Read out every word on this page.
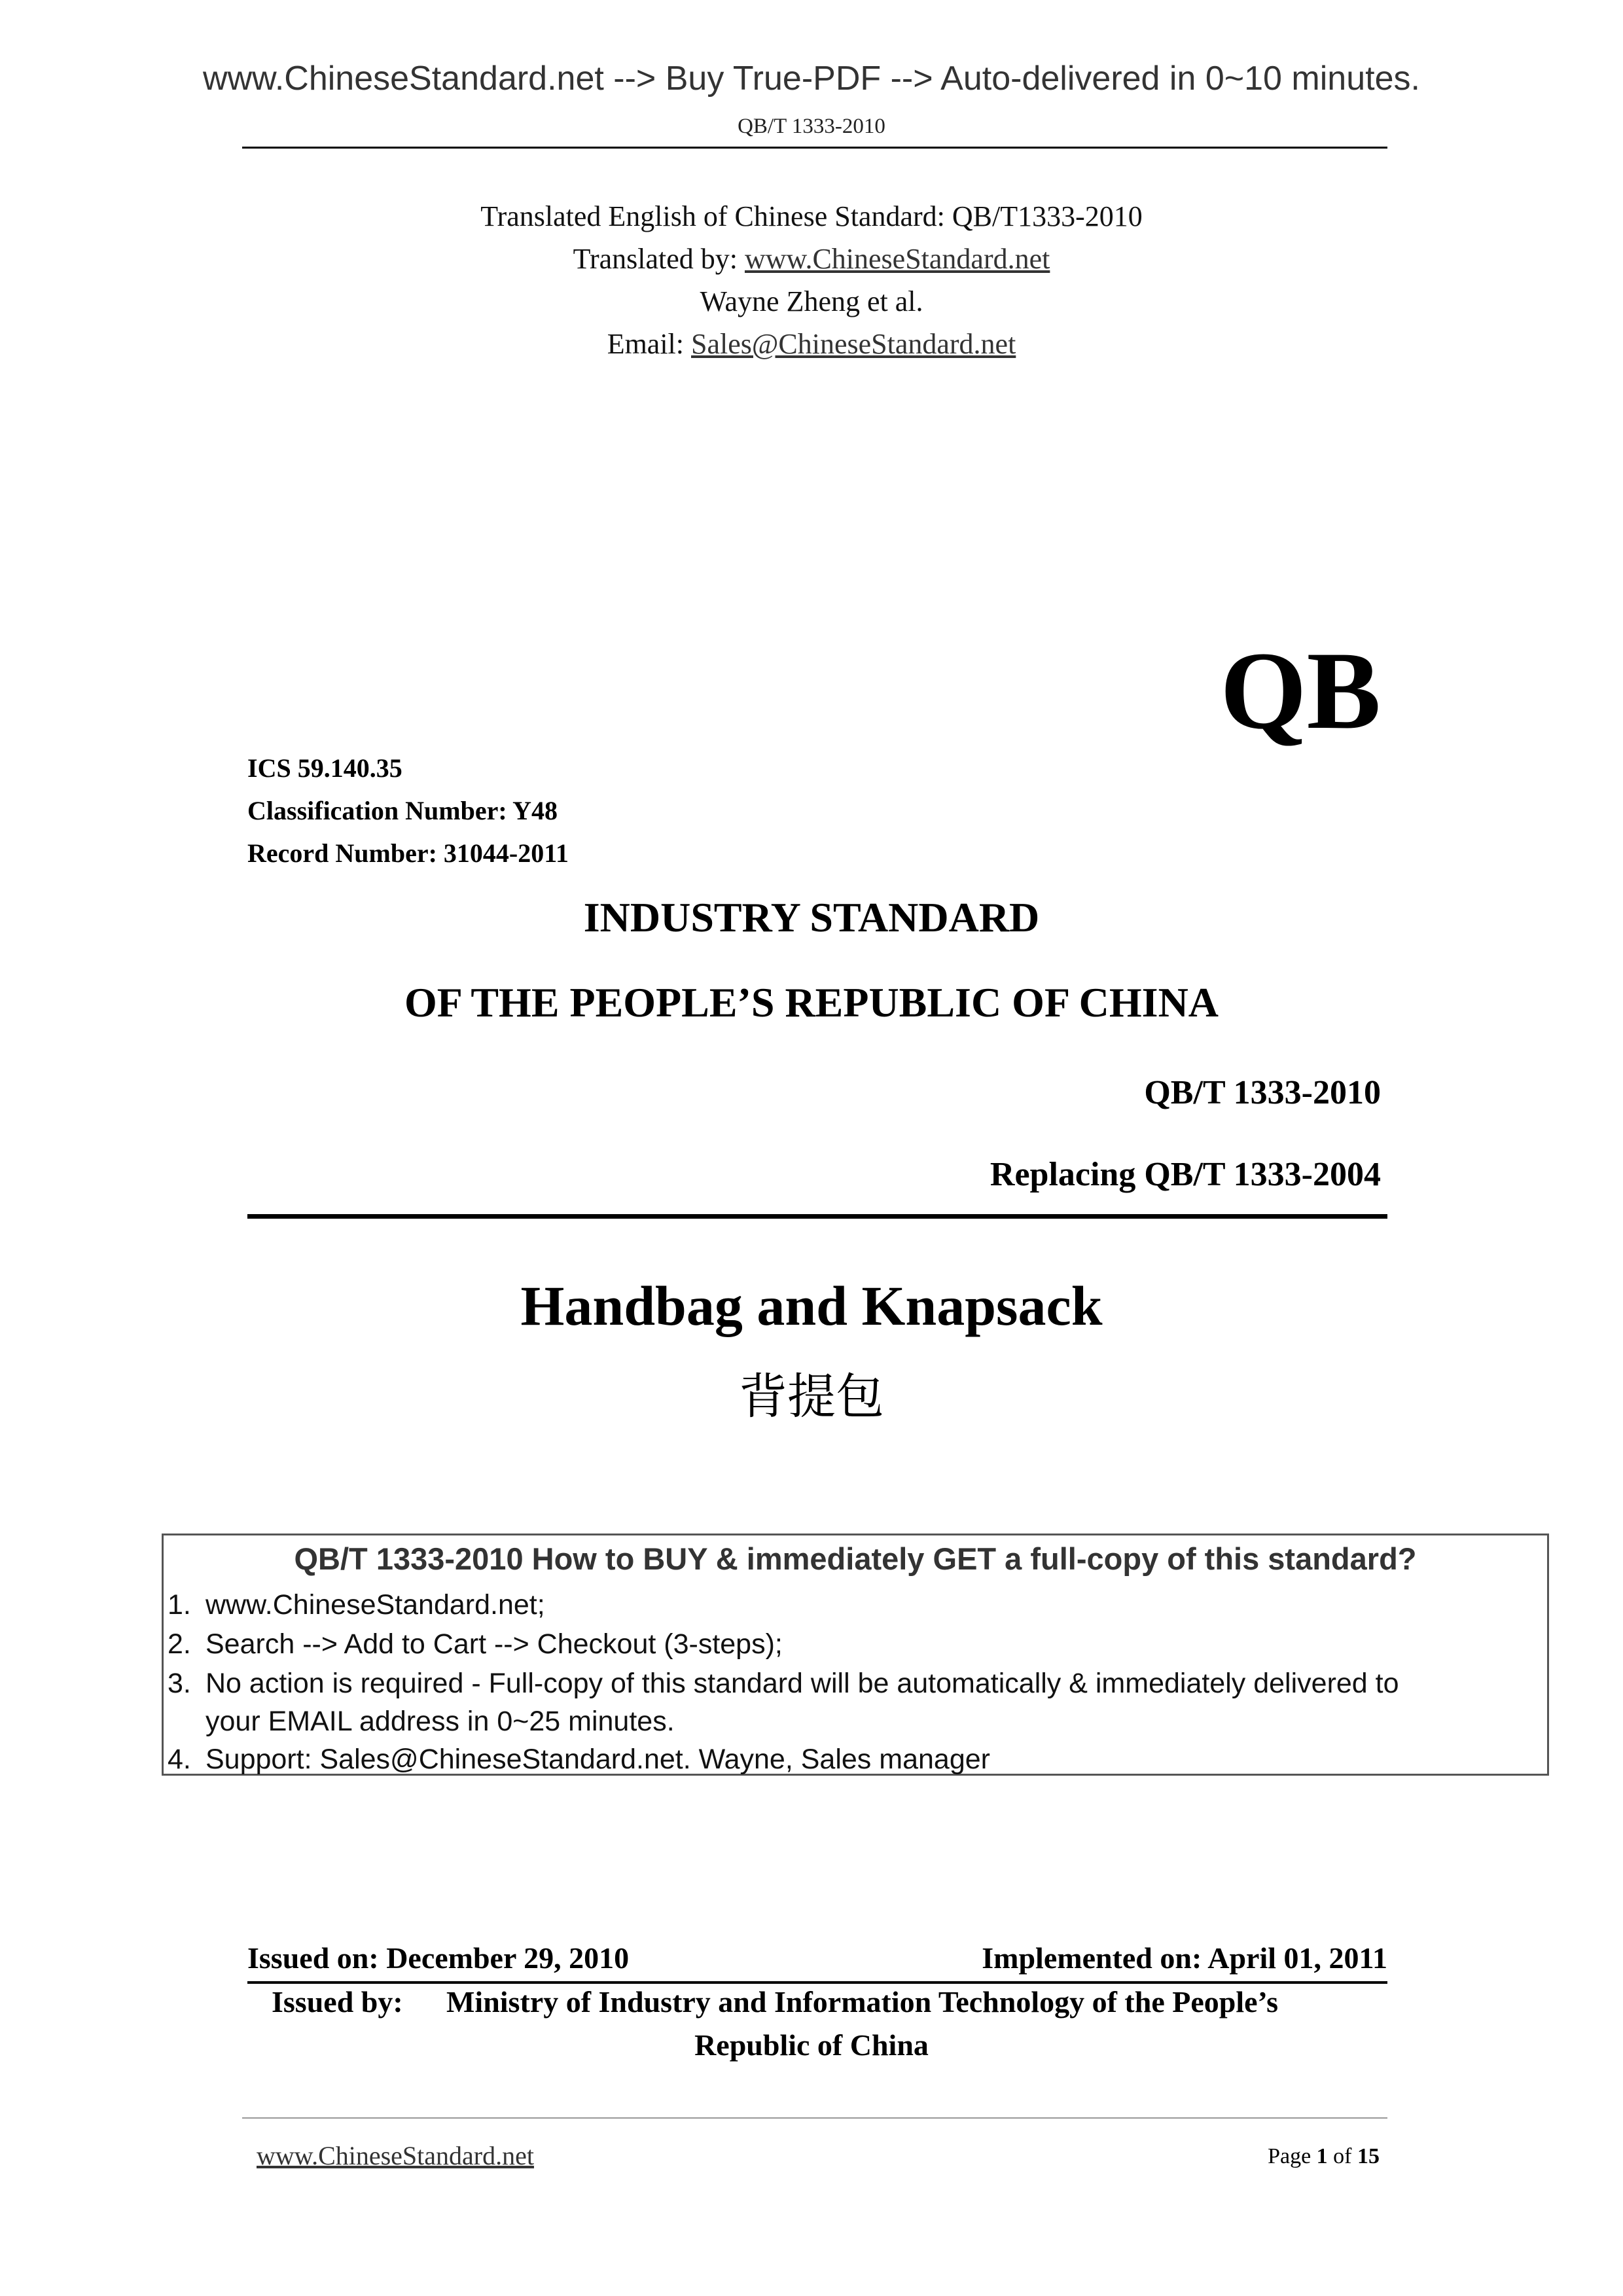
www.ChineseStandard.net --> Buy True-PDF --> Auto-delivered in 0~10 minutes.
QB/T 1333-2010
Translated English of Chinese Standard: QB/T1333-2010
Translated by: www.ChineseStandard.net
Wayne Zheng et al.
Email: Sales@ChineseStandard.net
QB
ICS 59.140.35
Classification Number: Y48
Record Number: 31044-2011
INDUSTRY STANDARD
OF THE PEOPLE’S REPUBLIC OF CHINA
QB/T 1333-2010
Replacing QB/T 1333-2004
Handbag and Knapsack
背提包
QB/T 1333-2010 How to BUY & immediately GET a full-copy of this standard?
1. www.ChineseStandard.net;
2. Search --> Add to Cart --> Checkout (3-steps);
3. No action is required - Full-copy of this standard will be automatically & immediately delivered to
your EMAIL address in 0~25 minutes.
4. Support: Sales@ChineseStandard.net. Wayne, Sales manager
Issued on: December 29, 2010	Implemented on: April 01, 2011
Issued by: Ministry of Industry and Information Technology of the People’s
Republic of China
www.ChineseStandard.net	Page 1 of 15
